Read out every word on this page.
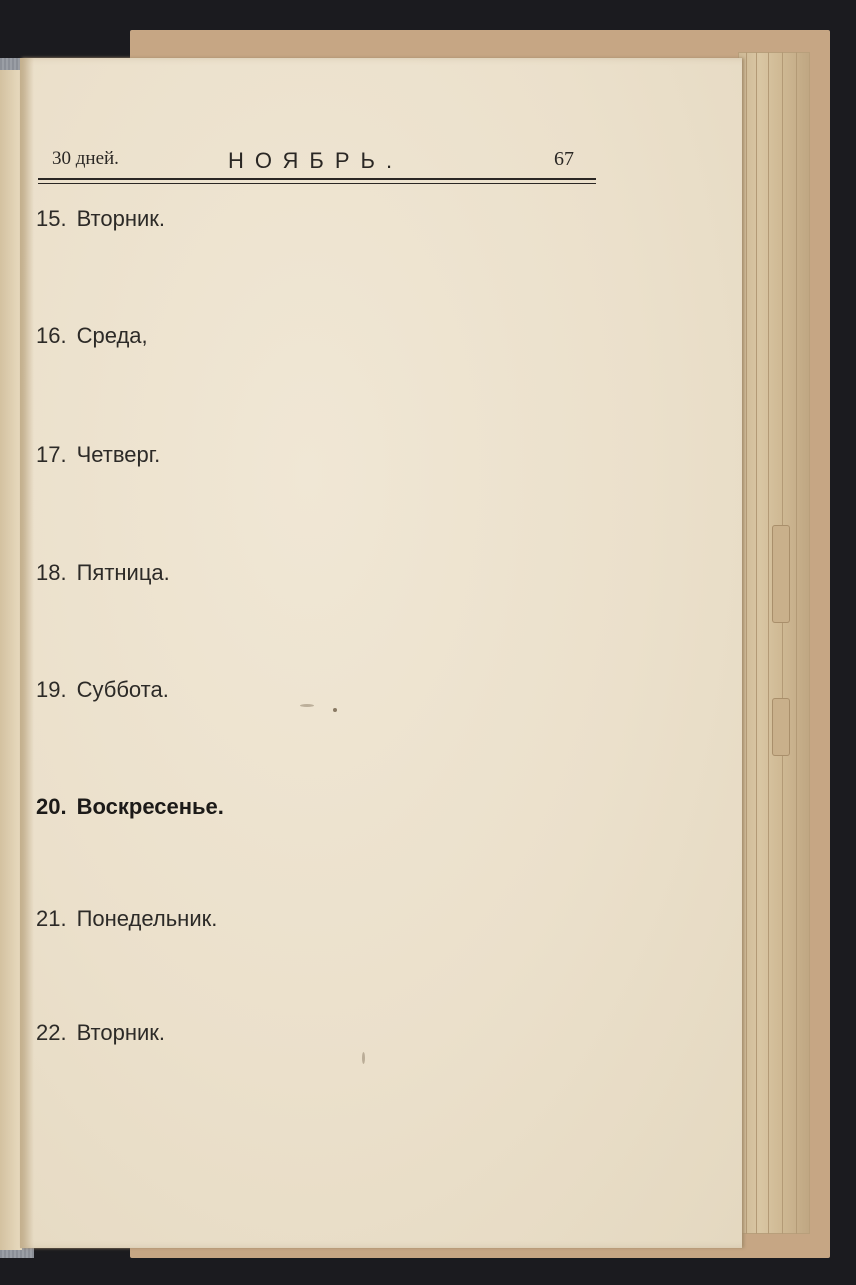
30 дней.	НОЯБРЬ.	67
15. Вторник.
16. Среда,
17. Четверг.
18. Пятница.
19. Суббота.
20. Воскресенье.
21. Понедельник.
22. Вторник.
